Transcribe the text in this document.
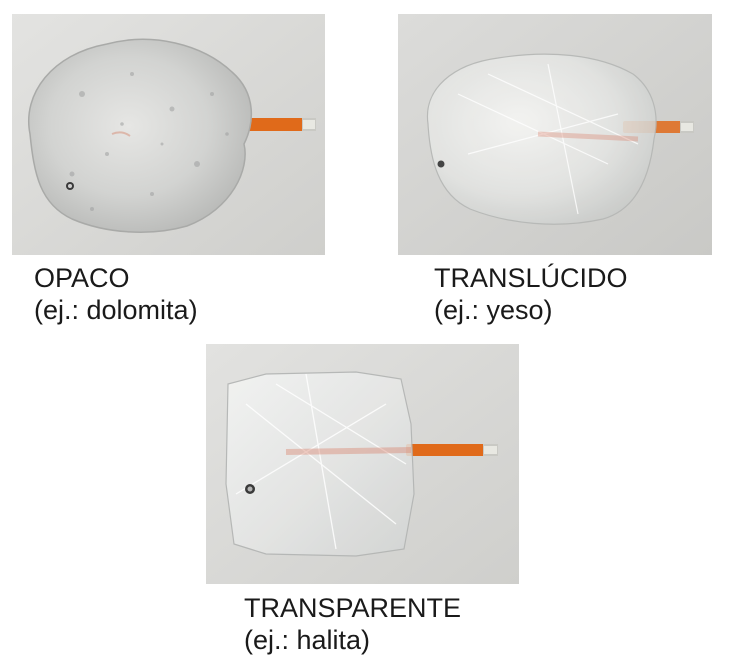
OPACO
(ej.: dolomita)
TRANSLÚCIDO
(ej.: yeso)
TRANSPARENTE
(ej.: halita)
